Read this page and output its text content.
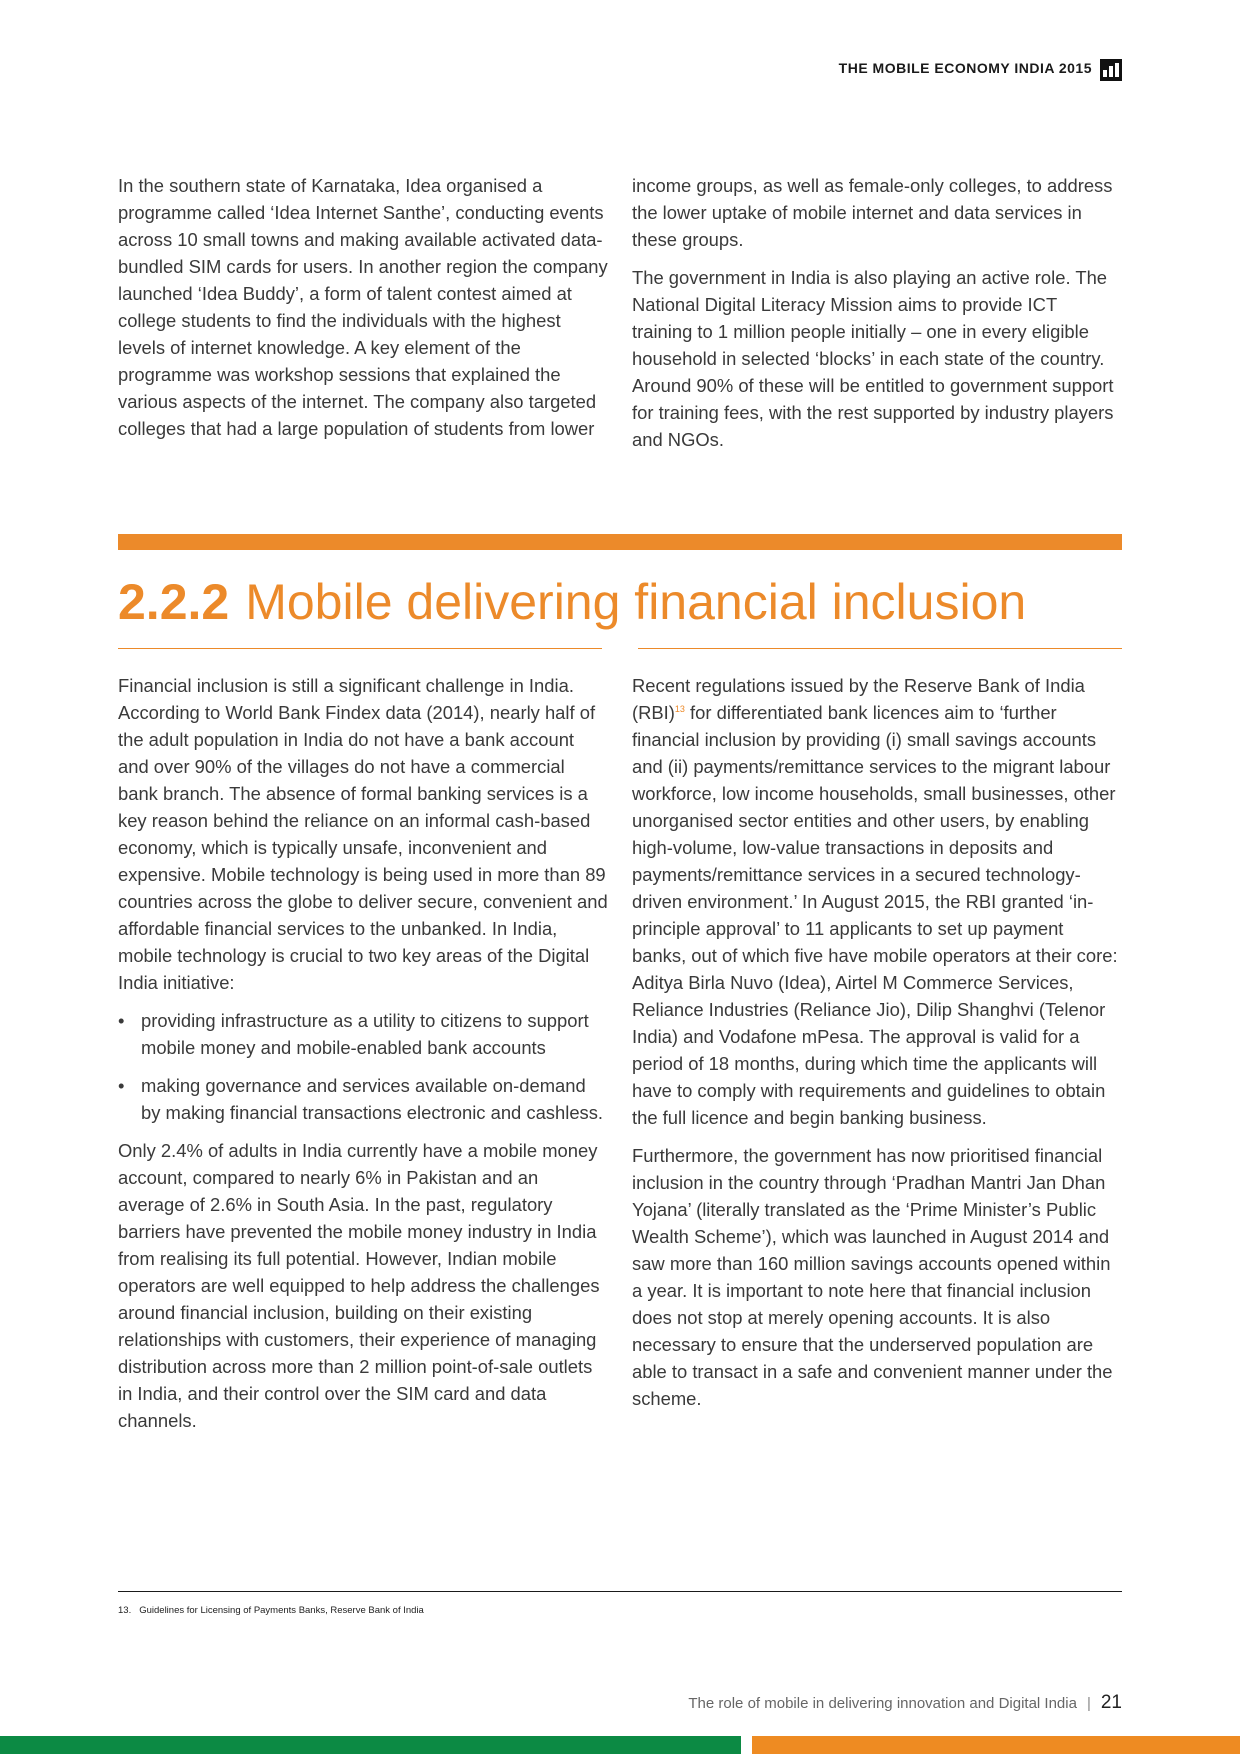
THE MOBILE ECONOMY INDIA 2015

In the southern state of Karnataka, Idea organised a programme called ‘Idea Internet Santhe’, conducting events across 10 small towns and making available activated data-bundled SIM cards for users. In another region the company launched ‘Idea Buddy’, a form of talent contest aimed at college students to find the individuals with the highest levels of internet knowledge. A key element of the programme was workshop sessions that explained the various aspects of the internet. The company also targeted colleges that had a large population of students from lower

income groups, as well as female-only colleges, to address the lower uptake of mobile internet and data services in these groups.

The government in India is also playing an active role. The National Digital Literacy Mission aims to provide ICT training to 1 million people initially – one in every eligible household in selected ‘blocks’ in each state of the country. Around 90% of these will be entitled to government support for training fees, with the rest supported by industry players and NGOs.

2.2.2 Mobile delivering financial inclusion

Financial inclusion is still a significant challenge in India. According to World Bank Findex data (2014), nearly half of the adult population in India do not have a bank account and over 90% of the villages do not have a commercial bank branch. The absence of formal banking services is a key reason behind the reliance on an informal cash-based economy, which is typically unsafe, inconvenient and expensive. Mobile technology is being used in more than 89 countries across the globe to deliver secure, convenient and affordable financial services to the unbanked. In India, mobile technology is crucial to two key areas of the Digital India initiative:

• providing infrastructure as a utility to citizens to support mobile money and mobile-enabled bank accounts
• making governance and services available on-demand by making financial transactions electronic and cashless.

Only 2.4% of adults in India currently have a mobile money account, compared to nearly 6% in Pakistan and an average of 2.6% in South Asia. In the past, regulatory barriers have prevented the mobile money industry in India from realising its full potential. However, Indian mobile operators are well equipped to help address the challenges around financial inclusion, building on their existing relationships with customers, their experience of managing distribution across more than 2 million point-of-sale outlets in India, and their control over the SIM card and data channels.

Recent regulations issued by the Reserve Bank of India (RBI)$^{13}$ for differentiated bank licences aim to ‘further financial inclusion by providing (i) small savings accounts and (ii) payments/remittance services to the migrant labour workforce, low income households, small businesses, other unorganised sector entities and other users, by enabling high-volume, low-value transactions in deposits and payments/remittance services in a secured technology-driven environment.’ In August 2015, the RBI granted ‘in-principle approval’ to 11 applicants to set up payment banks, out of which five have mobile operators at their core: Aditya Birla Nuvo (Idea), Airtel M Commerce Services, Reliance Industries (Reliance Jio), Dilip Shanghvi (Telenor India) and Vodafone mPesa. The approval is valid for a period of 18 months, during which time the applicants will have to comply with requirements and guidelines to obtain the full licence and begin banking business.

Furthermore, the government has now prioritised financial inclusion in the country through ‘Pradhan Mantri Jan Dhan Yojana’ (literally translated as the ‘Prime Minister’s Public Wealth Scheme’), which was launched in August 2014 and saw more than 160 million savings accounts opened within a year. It is important to note here that financial inclusion does not stop at merely opening accounts. It is also necessary to ensure that the underserved population are able to transact in a safe and convenient manner under the scheme.

13. Guidelines for Licensing of Payments Banks, Reserve Bank of India
The role of mobile in delivering innovation and Digital India | 21
